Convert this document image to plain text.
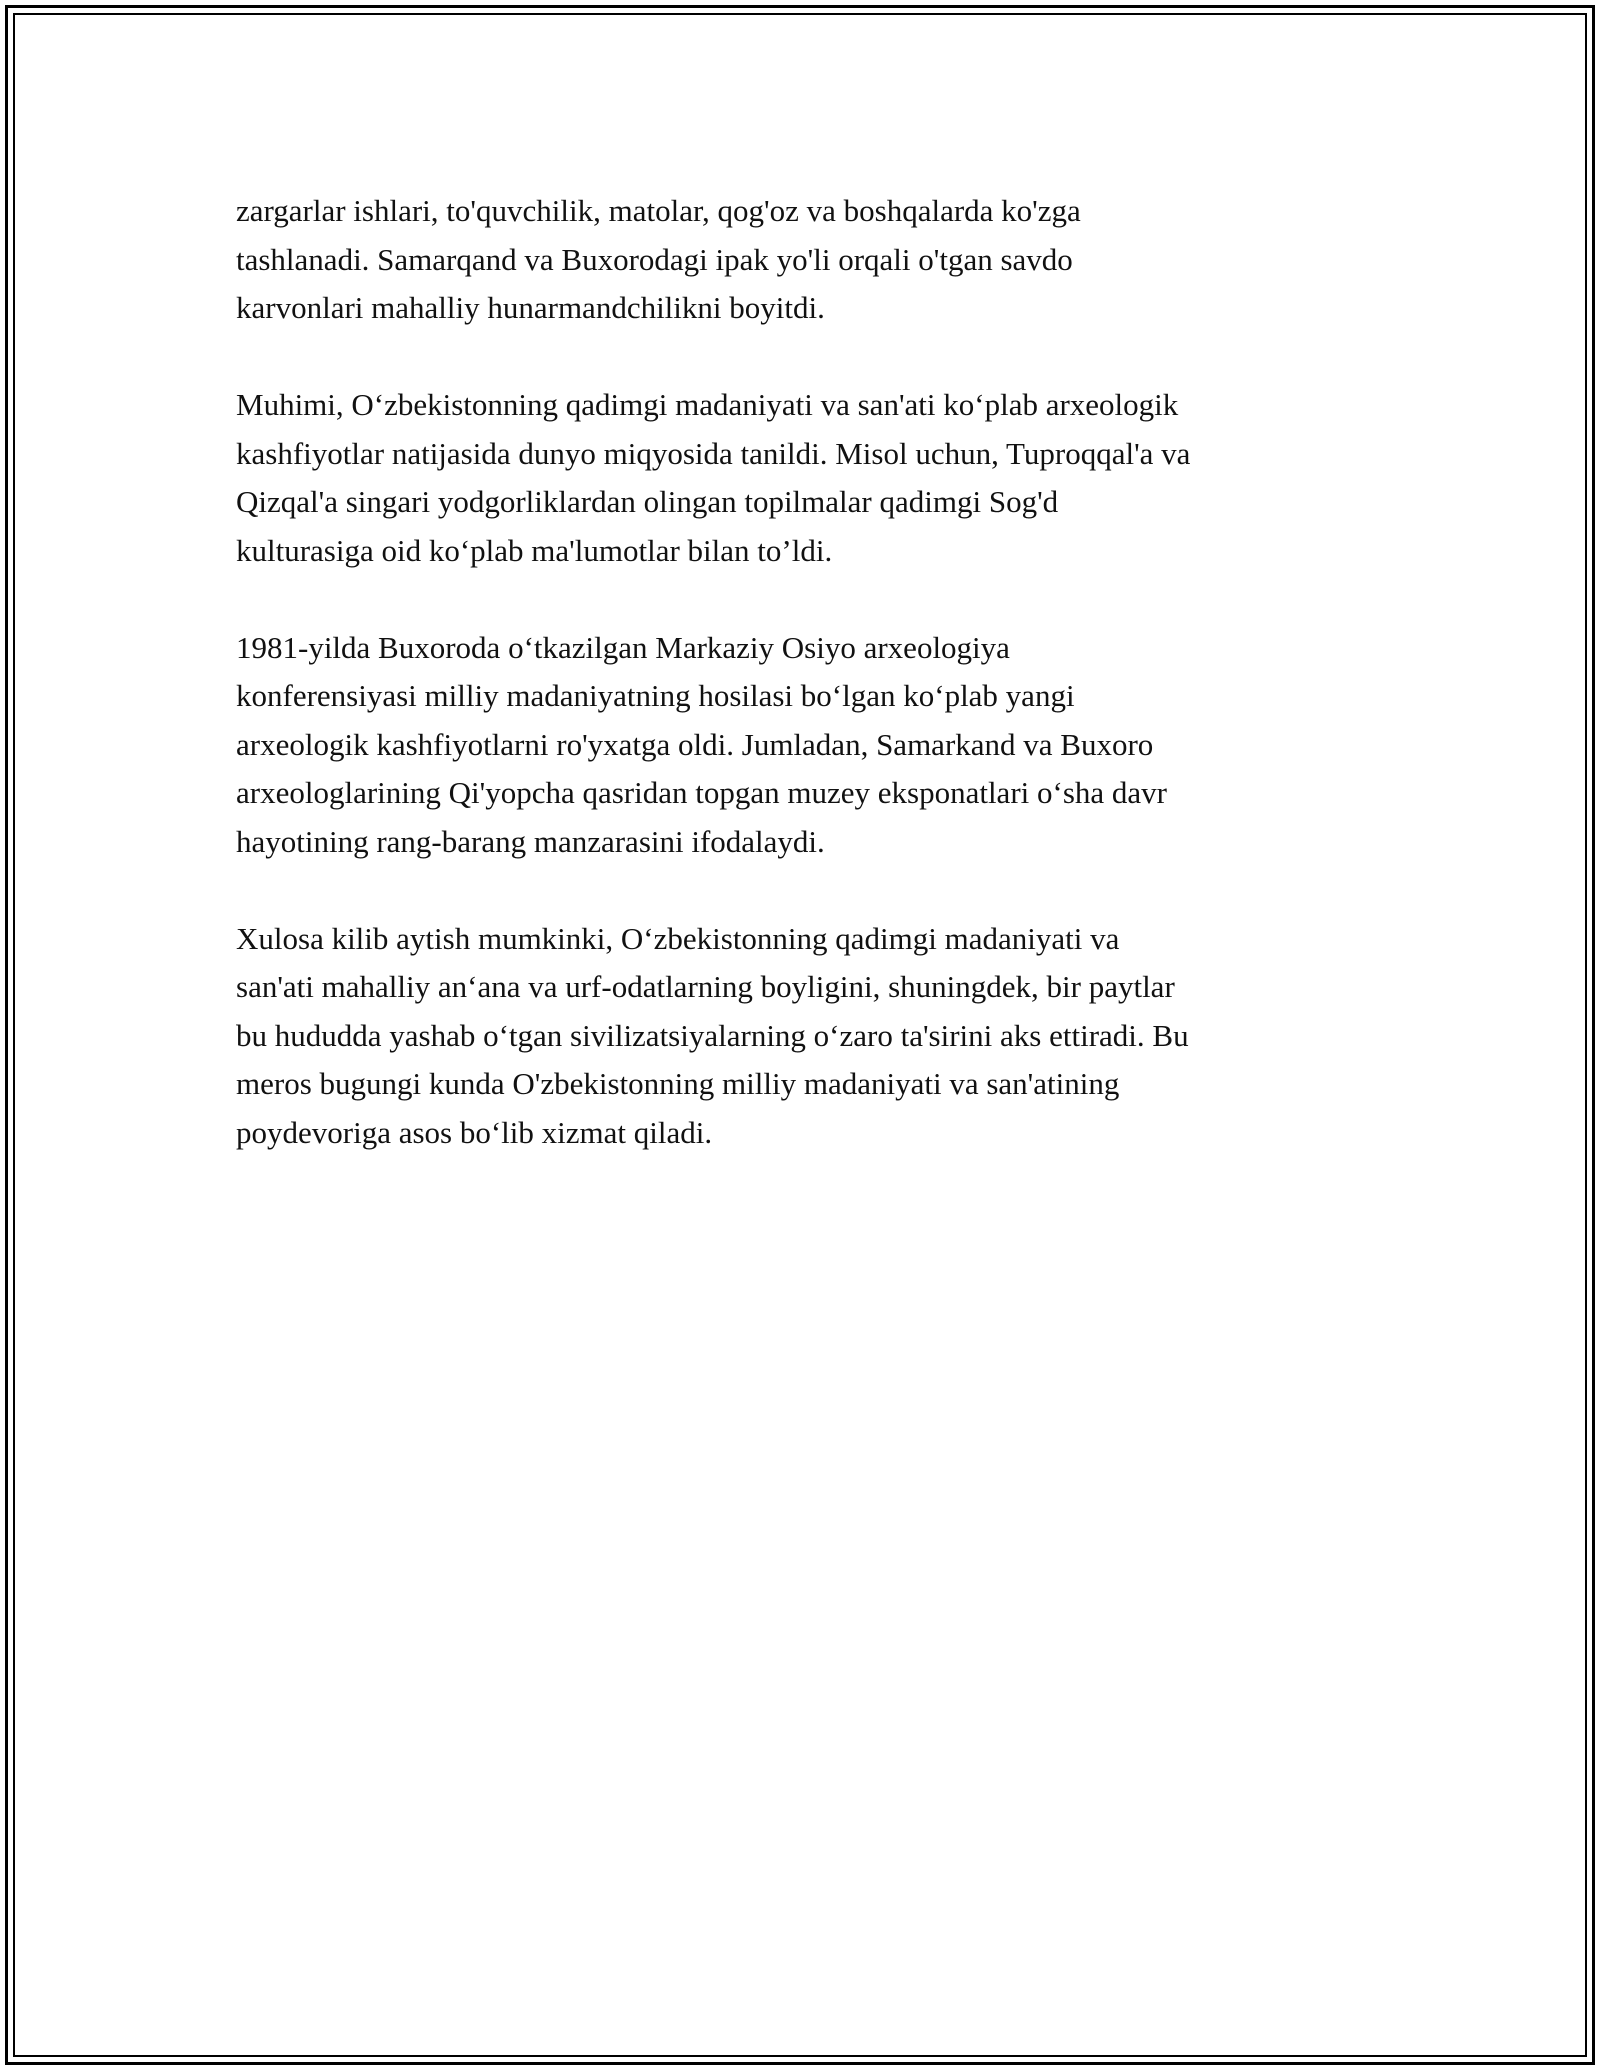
zargarlar ishlari, to'quvchilik, matolar, qog'oz va boshqalarda ko'zga
tashlanadi. Samarqand va Buxorodagi ipak yo'li orqali o'tgan savdo
karvonlari mahalliy hunarmandchilikni boyitdi.

Muhimi, Oʻzbekistonning qadimgi madaniyati va san'ati koʻplab arxeologik
kashfiyotlar natijasida dunyo miqyosida tanildi. Misol uchun, Tuproqqal'a va
Qizqal'a singari yodgorliklardan olingan topilmalar qadimgi Sog'd
kulturasiga oid koʻplab ma'lumotlar bilan to’ldi.

1981-yilda Buxoroda oʻtkazilgan Markaziy Osiyo arxeologiya
konferensiyasi milliy madaniyatning hosilasi boʻlgan koʻplab yangi
arxeologik kashfiyotlarni ro'yxatga oldi. Jumladan, Samarkand va Buxoro
arxeologlarining Qi'yopcha qasridan topgan muzey eksponatlari oʻsha davr
hayotining rang-barang manzarasini ifodalaydi.

Xulosa kilib aytish mumkinki, Oʻzbekistonning qadimgi madaniyati va
san'ati mahalliy anʻana va urf-odatlarning boyligini, shuningdek, bir paytlar
bu hududda yashab oʻtgan sivilizatsiyalarning oʻzaro ta'sirini aks ettiradi. Bu
meros bugungi kunda O'zbekistonning milliy madaniyati va san'atining
poydevoriga asos boʻlib xizmat qiladi.
